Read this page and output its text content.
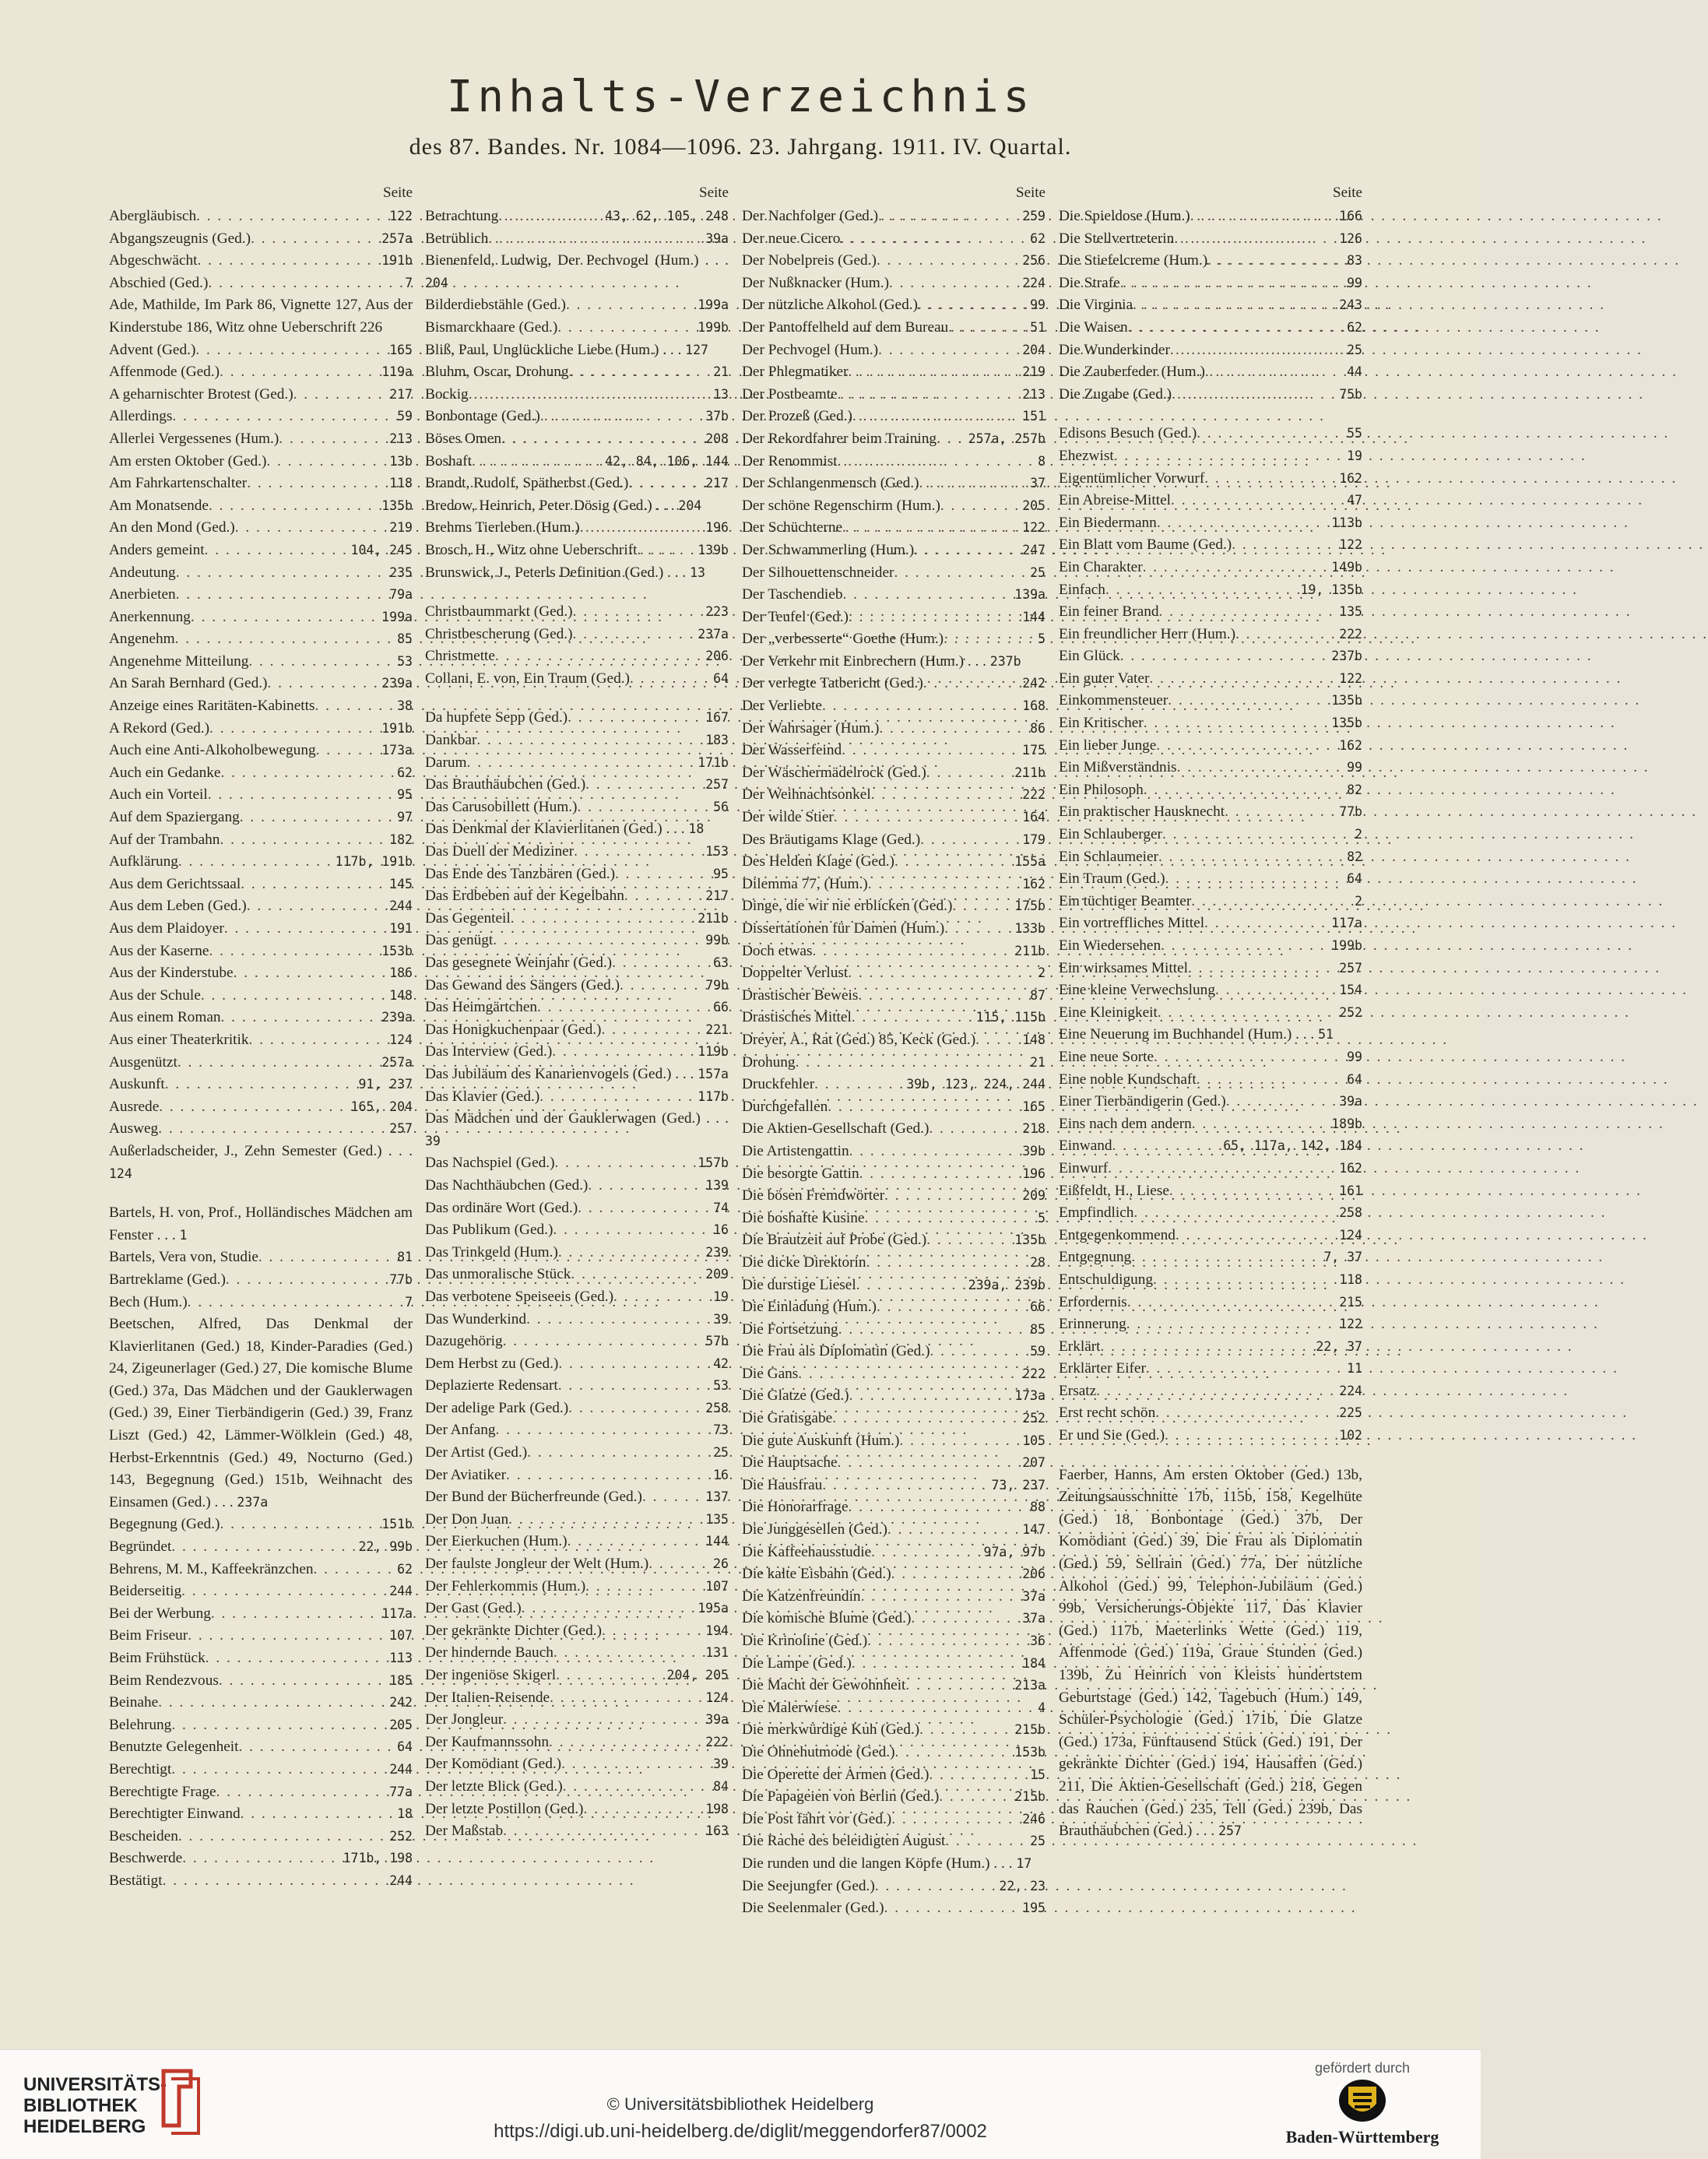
Inhalts-Verzeichnis
des 87. Bandes. Nr. 1084—1096. 23. Jahrgang. 1911. IV. Quartal.
Seite
Abergläubisch . . .	122
Abgangszeugnis (Ged.) . . .	257a
Abgeschwächt . . .	191b
Abschied (Ged.) . . .	7
Ade, Mathilde, Im Park 86, Vignette 127, Aus der Kinderstube 186, Witz ohne Ueberschrift 226
Advent (Ged.) . . .	165
Affenmode (Ged.) . . .	119a
A geharnischter Brotest (Ged.) . . .	217
Allerdings . . .	59
Allerlei Vergessenes (Hum.) . . .	213
Am ersten Oktober (Ged.) . . .	13b
Am Fahrkartenschalter . . .	118
Am Monatsende . . .	135b
An den Mond (Ged.) . . .	219
Anders gemeint . . .	104, 245
Andeutung . . .	235
Anerbieten . . .	79a
Anerkennung . . .	199a
Angenehm . . .	85
Angenehme Mitteilung . . .	53
An Sarah Bernhard (Ged.) . . .	239a
Anzeige eines Raritäten-Kabinetts . . .	38
A Rekord (Ged.) . . .	191b
Auch eine Anti-Alkoholbewegung . . .	173a
Auch ein Gedanke . . .	62
Auch ein Vorteil . . .	95
Auf dem Spaziergang . . .	97
Auf der Trambahn . . .	182
Aufklärung . . .	117b, 191b
Aus dem Gerichtssaal . . .	145
Aus dem Leben (Ged.) . . .	244
Aus dem Plaidoyer . . .	191
Aus der Kaserne . . .	153b
Aus der Kinderstube . . .	186
Aus der Schule . . .	148
Aus einem Roman . . .	239a
Aus einer Theaterkritik . . .	124
Ausgenützt . . .	257a
Auskunft . . .	91, 237
Ausrede . . .	165, 204
Ausweg . . .	257
Außerladscheider, J., Zehn Semester (Ged.) . . . 124
Bartels, H. von, Prof., Holländisches Mädchen am Fenster . . . 1
Bartels, Vera von, Studie . . .	81
Bartreklame (Ged.) . . .	77b
Bech (Hum.) . . .	7
Beetschen, Alfred, Das Denkmal der Klavierlitanen (Ged.) 18, Kinder-Paradies (Ged.) 24, Zigeunerlager (Ged.) 27, Die komische Blume (Ged.) 37a, Das Mädchen und der Gauklerwagen (Ged.) 39, Einer Tierbändigerin (Ged.) 39, Franz Liszt (Ged.) 42, Lämmer-Wölklein (Ged.) 48, Herbst-Erkenntnis (Ged.) 49, Nocturno (Ged.) 143, Begegnung (Ged.) 151b, Weihnacht des Einsamen (Ged.) . . . 237a
Begegnung (Ged.) . . .	151b
Begründet . . .	22, 99b
Behrens, M. M., Kaffeekränzchen . . .	62
Beiderseitig . . .	244
Bei der Werbung . . .	117a
Beim Friseur . . .	107
Beim Frühstück . . .	113
Beim Rendezvous . . .	185
Beinahe . . .	242
Belehrung . . .	205
Benutzte Gelegenheit . . .	64
Berechtigt . . .	244
Berechtigte Frage . . .	77a
Berechtigter Einwand . . .	18
Bescheiden . . .	252
Beschwerde . . .	171b, 198
Bestätigt . . .	244
Seite
Betrachtung . . .	43, 62, 105, 248
Betrüblich . . .	39a
Bienenfeld, Ludwig, Der Pechvogel (Hum.) . . . 204
Bilderdiebstähle (Ged.) . . .	199a
Bismarckhaare (Ged.) . . .	199b
Bliß, Paul, Unglückliche Liebe (Hum.) . . . 127
Bluhm, Oscar, Drohung . . .	21
Bockig . . .	13
Bonbontage (Ged.) . . .	37b
Böses Omen . . .	208
Boshaft . . .	42, 84, 106, 144
Brandt, Rudolf, Spätherbst (Ged.) . . .	217
Bredow, Heinrich, Peter Dösig (Ged.) . . . 204
Brehms Tierleben (Hum.) . . .	196
Brosch, H., Witz ohne Ueberschrift . . .	139b
Brunswick, J., Peterls Definition (Ged.) . . . 13
Christbaummarkt (Ged.) . . .	223
Christbescherung (Ged.) . . .	237a
Christmette . . .	206
Collani, E. von, Ein Traum (Ged.) . . .	64
Da hupfete Sepp (Ged.) . . .	167
Dankbar . . .	183
Darum . . .	171b
Das Brauthäubchen (Ged.) . . .	257
Das Carusobillett (Hum.) . . .	56
Das Denkmal der Klavierlitanen (Ged.) . . . 18
Das Duell der Mediziner . . .	153
Das Ende des Tanzbären (Ged.) . . .	95
Das Erdbeben auf der Kegelbahn . . .	217
Das Gegenteil . . .	211b
Das genügt . . .	99b
Das gesegnete Weinjahr (Ged.) . . .	63
Das Gewand des Sängers (Ged.) . . .	79b
Das Heimgärtchen . . .	66
Das Honigkuchenpaar (Ged.) . . .	221
Das Interview (Ged.) . . .	119b
Das Jubiläum des Kanarienvogels (Ged.) . . . 157a
Das Klavier (Ged.) . . .	117b
Das Mädchen und der Gauklerwagen (Ged.) . . . 39
Das Nachspiel (Ged.) . . .	157b
Das Nachthäubchen (Ged.) . . .	139
Das ordinäre Wort (Ged.) . . .	74
Das Publikum (Ged.) . . .	16
Das Trinkgeld (Hum.) . . .	239
Das unmoralische Stück . . .	209
Das verbotene Speiseeis (Ged.) . . .	19
Das Wunderkind . . .	39
Dazugehörig . . .	57b
Dem Herbst zu (Ged.) . . .	42
Deplazierte Redensart . . .	53
Der adelige Park (Ged.) . . .	258
Der Anfang . . .	73
Der Artist (Ged.) . . .	25
Der Aviatiker . . .	16
Der Bund der Bücherfreunde (Ged.) . . .	137
Der Don Juan . . .	135
Der Eierkuchen (Hum.) . . .	144
Der faulste Jongleur der Welt (Hum.) . . .	26
Der Fehlerkommis (Hum.) . . .	107
Der Gast (Ged.) . . .	195a
Der gekränkte Dichter (Ged.) . . .	194
Der hindernde Bauch . . .	131
Der ingeniöse Skigerl . . .	204, 205
Der Italien-Reisende . . .	124
Der Jongleur . . .	39a
Der Kaufmannssohn . . .	222
Der Komödiant (Ged.) . . .	39
Der letzte Blick (Ged.) . . .	84
Der letzte Postillon (Ged.) . . .	198
Der Maßstab . . .	163
Seite
Der Nachfolger (Ged.) . . .	259
Der neue Cicero . . .	62
Der Nobelpreis (Ged.) . . .	256
Der Nußknacker (Hum.) . . .	224
Der nützliche Alkohol (Ged.) . . .	99
Der Pantoffelheld auf dem Bureau . . .	51
Der Pechvogel (Hum.) . . .	204
Der Phlegmatiker . . .	219
Der Postbeamte . . .	213
Der Prozeß (Ged.) . . .	151
Der Rekordfahrer beim Training . . . 257a, 257b
Der Renommist . . .	8
Der Schlangenmensch (Ged.) . . .	37
Der schöne Regenschirm (Hum.) . . .	205
Der Schüchterne . . .	122
Der Schwammerling (Hum.) . . .	247
Der Silhouettenschneider . . .	25
Der Taschendieb . . .	139a
Der Teufel (Ged.) . . .	144
Der „verbesserte“ Goethe (Hum.) . . .	5
Der Verkehr mit Einbrechern (Hum.) . . . 237b
Der verlegte Tatbericht (Ged.) . . .	242
Der Verliebte . . .	168
Der Wahrsager (Hum.) . . .	86
Der Wasserfeind . . .	175
Der Wäschermädelrock (Ged.) . . .	211b
Der Weihnachtsonkel . . .	222
Der wilde Stier . . .	164
Des Bräutigams Klage (Ged.) . . .	179
Des Helden Klage (Ged.) . . .	155a
Dilemma 77, (Hum.) . . .	162
Dinge, die wir nie erblicken (Ged.) . . .	175b
Dissertationen für Damen (Hum.) . . .	133b
Doch etwas . . .	211b
Doppelter Verlust . . .	2
Drastischer Beweis . . .	87
Drastisches Mittel . . .	115, 115b
Dreyer, A., Rat (Ged.) 85, Keck (Ged.) . . .	148
Drohung . . .	21
Druckfehler . . .	39b, 123, 224, 244
Durchgefallen . . .	165
Die Aktien-Gesellschaft (Ged.) . . .	218
Die Artistengattin . . .	39b
Die besorgte Gattin . . .	196
Die bösen Fremdwörter . . .	209
Die boshafte Kusine . . .	5
Die Brautzeit auf Probe (Ged.) . . .	135b
Die dicke Direktorin . . .	28
Die durstige Liesel . . .	239a, 239b
Die Einladung (Hum.) . . .	66
Die Fortsetzung . . .	85
Die Frau als Diplomatin (Ged.) . . .	59
Die Gans . . .	222
Die Glatze (Ged.) . . .	173a
Die Gratisgabe . . .	252
Die gute Auskunft (Hum.) . . .	105
Die Hauptsache . . .	207
Die Hausfrau . . .	73, 237
Die Honorarfrage . . .	88
Die Junggesellen (Ged.) . . .	147
Die Kaffeehausstudie . . .	97a, 97b
Die kalte Eisbahn (Ged.) . . .	206
Die Katzenfreundin . . .	37a
Die komische Blume (Ged.) . . .	37a
Die Krinoline (Ged.) . . .	36
Die Lampe (Ged.) . . .	184
Die Macht der Gewohnheit . . .	213a
Die Malerwiese . . .	4
Die merkwürdige Kuh (Ged.) . . .	215b
Die Ohnehutmode (Ged.) . . .	153b
Die Operette der Armen (Ged.) . . .	15
Die Papageien von Berlin (Ged.) . . .	215b
Die Post fährt vor (Ged.) . . .	246
Die Rache des beleidigten August . . .	25
Die runden und die langen Köpfe (Hum.) . . . 17
Die Seejungfer (Ged.) . . .	22, 23
Die Seelenmaler (Ged.) . . .	195
Seite
Die Spieldose (Hum.) . . .	166
Die Stellvertreterin . . .	126
Die Stiefelcreme (Hum.) . . .	83
Die Strafe . . .	99
Die Virginia . . .	243
Die Waisen . . .	62
Die Wunderkinder . . .	25
Die Zauberfeder (Hum.) . . .	44
Die Zugabe (Ged.) . . .	75b
Edisons Besuch (Ged.) . . .	55
Ehezwist . . .	19
Eigentümlicher Vorwurf . . .	162
Ein Abreise-Mittel . . .	47
Ein Biedermann . . .	113b
Ein Blatt vom Baume (Ged.) . . .	122
Ein Charakter . . .	149b
Einfach . . .	19, 135b
Ein feiner Brand . . .	135
Ein freundlicher Herr (Hum.) . . .	222
Ein Glück . . .	237b
Ein guter Vater . . .	122
Einkommensteuer . . .	135b
Ein Kritischer . . .	135b
Ein lieber Junge . . .	162
Ein Mißverständnis . . .	99
Ein Philosoph . . .	82
Ein praktischer Hausknecht . . .	77b
Ein Schlauberger . . .	2
Ein Schlaumeier . . .	82
Ein Traum (Ged.) . . .	64
Ein tüchtiger Beamter . . .	2
Ein vortreffliches Mittel . . .	117a
Ein Wiedersehen . . .	199b
Ein wirksames Mittel . . .	257
Eine kleine Verwechslung . . .	154
Eine Kleinigkeit . . .	252
Eine Neuerung im Buchhandel (Hum.) . . . 51
Eine neue Sorte . . .	99
Eine noble Kundschaft . . .	64
Einer Tierbändigerin (Ged.) . . .	39a
Eins nach dem andern . . .	189b
Einwand . . .	65, 117a, 142, 184
Einwurf . . .	162
Eißfeldt, H., Liese . . .	161
Empfindlich . . .	258
Entgegenkommend . . .	124
Entgegnung . . .	7, 37
Entschuldigung . . .	118
Erfordernis . . .	215
Erinnerung . . .	122
Erklärt . . .	22, 37
Erklärter Eifer . . .	11
Ersatz . . .	224
Erst recht schön . . .	225
Er und Sie (Ged.) . . .	102
Faerber, Hanns, Am ersten Oktober (Ged.) 13b, Zeitungsausschnitte 17b, 115b, 158, Kegelhüte (Ged.) 18, Bonbontage (Ged.) 37b, Der Komödiant (Ged.) 39, Die Frau als Diplomatin (Ged.) 59, Sellrain (Ged.) 77a, Der nützliche Alkohol (Ged.) 99, Telephon-Jubiläum (Ged.) 99b, Versicherungs-Objekte 117, Das Klavier (Ged.) 117b, Maeterlinks Wette (Ged.) 119, Affenmode (Ged.) 119a, Graue Stunden (Ged.) 139b, Zu Heinrich von Kleists hundertstem Geburtstage (Ged.) 142, Tagebuch (Hum.) 149, Schüler-Psychologie (Ged.) 171b, Die Glatze (Ged.) 173a, Fünftausend Stück (Ged.) 191, Der gekränkte Dichter (Ged.) 194, Hausaffen (Ged.) 211, Die Aktien-Gesellschaft (Ged.) 218, Gegen das Rauchen (Ged.) 235, Tell (Ged.) 239b, Das Brauthäubchen (Ged.) . . . 257
UNIVERSITÄTS-
BIBLIOTHEK
HEIDELBERG
© Universitätsbibliothek Heidelberg
https://digi.ub.uni-heidelberg.de/diglit/meggendorfer87/0002
gefördert durch
Baden-Württemberg
